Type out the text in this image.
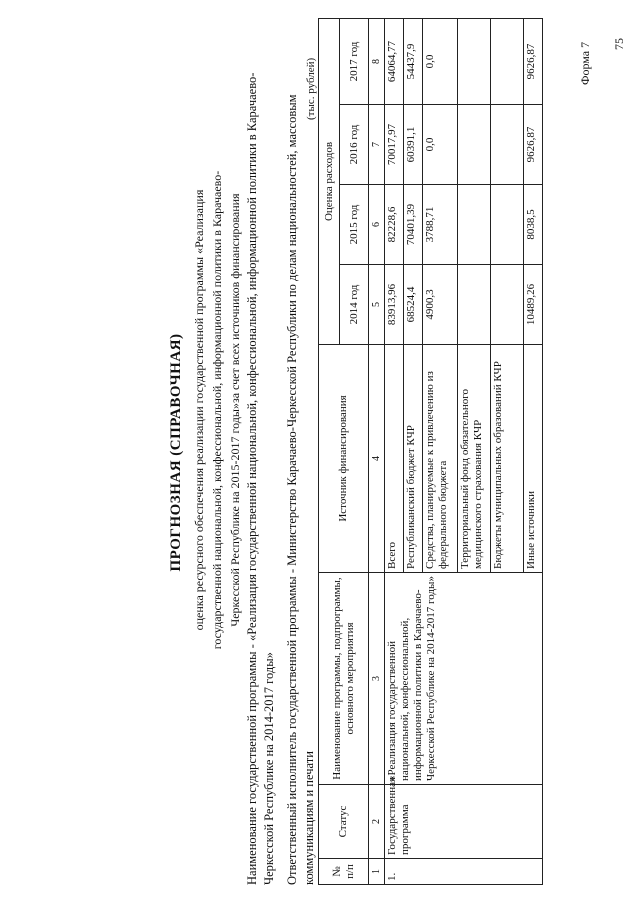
75
Форма 7
ПРОГНОЗНАЯ (СПРАВОЧНАЯ) оценка ресурсного обеспечения реализации государственной программы «Реализация государственной национальной, конфессиональной, информационной политики в Карачаево-Черкесской Республике на 2015-2017 годы»за счет всех источников финансирования Наименование государственной программы - «Реализация государственной национальной, конфессиональной, информационной политики в Карачаево-Черкесской Республике на 2014-2017 годы» Ответственный исполнитель государственной программы - Министерство Карачаево-Черкесской Республики по делам национальностей, массовым коммуникациям и печати
(тыс. рублей)
№ п/п	Статус	Наименование программы, подпрограммы, основного мероприятия	Источник финансирования	Оценка расходов			
				2014 год	2015 год	2016 год	2017 год
1	2	3	4	5	6	7	8
1.	Государственная программа	«Реализация государственной национальной, конфессиональной, информационной политики в Карачаево-Черкесской Республике на 2014-2017 годы»	Всего	83913,96	82228,6	70017,97	64064,77
			Республиканский бюджет КЧР	68524,4	70401,39	60391,1	54437,9
			Средства, планируемые к привлечению из федерального бюджета	4900,3	3788,71	0,0	0,0
			Территориальный фонд обязательного медицинского страхования КЧР				
			Бюджеты муниципальных образований КЧР				
			Иные источники	10489,26	8038,5	9626,87	9626,87
